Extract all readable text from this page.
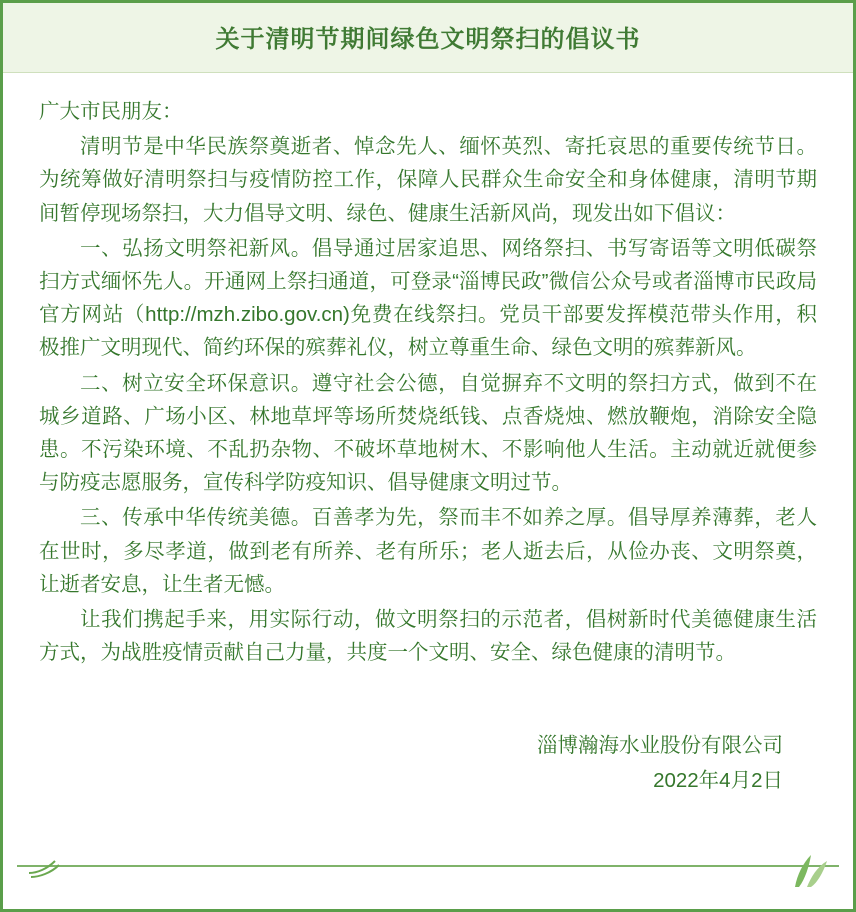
关于清明节期间绿色文明祭扫的倡议书

广大市民朋友：

清明节是中华民族祭奠逝者、悼念先人、缅怀英烈、寄托哀思的重要传统节日。为统筹做好清明祭扫与疫情防控工作，保障人民群众生命安全和身体健康，清明节期间暂停现场祭扫，大力倡导文明、绿色、健康生活新风尚，现发出如下倡议：

一、弘扬文明祭祀新风。倡导通过居家追思、网络祭扫、书写寄语等文明低碳祭扫方式缅怀先人。开通网上祭扫通道，可登录“淄博民政”微信公众号或者淄博市民政局官方网站（http://mzh.zibo.gov.cn)免费在线祭扫。党员干部要发挥模范带头作用，积极推广文明现代、简约环保的殡葬礼仪，树立尊重生命、绿色文明的殡葬新风。

二、树立安全环保意识。遵守社会公德，自觉摒弃不文明的祭扫方式，做到不在城乡道路、广场小区、林地草坪等场所焚烧纸钱、点香烧烛、燃放鞭炮，消除安全隐患。不污染环境、不乱扔杂物、不破坏草地树木、不影响他人生活。主动就近就便参与防疫志愿服务，宣传科学防疫知识、倡导健康文明过节。

三、传承中华传统美德。百善孝为先，祭而丰不如养之厚。倡导厚养薄葬，老人在世时，多尽孝道，做到老有所养、老有所乐；老人逝去后，从俭办丧、文明祭奠，让逝者安息，让生者无憾。

让我们携起手来，用实际行动，做文明祭扫的示范者，倡树新时代美德健康生活方式，为战胜疫情贡献自己力量，共度一个文明、安全、绿色健康的清明节。

淄博瀚海水业股份有限公司
2022年4月2日
